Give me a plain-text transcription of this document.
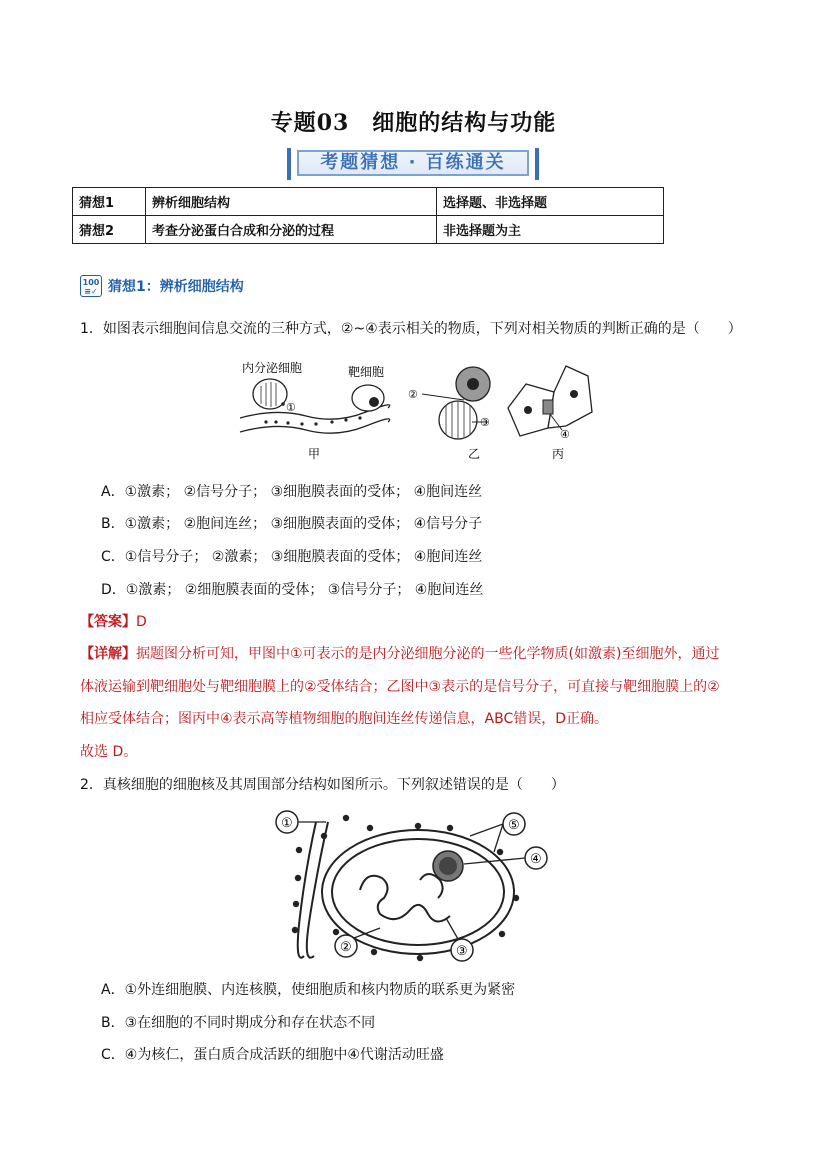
专题03　细胞的结构与功能
考题猜想 · 百练通关
猜想1	辨析细胞结构	选择题、非选择题
猜想2	考查分泌蛋白合成和分泌的过程	非选择题为主
100
≡✓ 猜想1：辨析细胞结构
1．如图表示细胞间信息交流的三种方式，②~④表示相关的物质，下列对相关物质的判断正确的是（　　）
内分泌细胞	靶细胞
①
甲
②
③
乙
④
丙
A．①激素； ②信号分子； ③细胞膜表面的受体； ④胞间连丝
B．①激素； ②胞间连丝； ③细胞膜表面的受体； ④信号分子
C．①信号分子； ②激素； ③细胞膜表面的受体； ④胞间连丝
D．①激素； ②细胞膜表面的受体； ③信号分子； ④胞间连丝
【答案】D
【详解】据题图分析可知，甲图中①可表示的是内分泌细胞分泌的一些化学物质(如激素)至细胞外，通过
体液运输到靶细胞处与靶细胞膜上的②受体结合；乙图中③表示的是信号分子，可直接与靶细胞膜上的②
相应受体结合；图丙中④表示高等植物细胞的胞间连丝传递信息，ABC错误，D正确。
故选 D。
2．真核细胞的细胞核及其周围部分结构如图所示。下列叙述错误的是（　　）
①	⑤
④
②	③
A．①外连细胞膜、内连核膜，使细胞质和核内物质的联系更为紧密
B．③在细胞的不同时期成分和存在状态不同
C．④为核仁，蛋白质合成活跃的细胞中④代谢活动旺盛
